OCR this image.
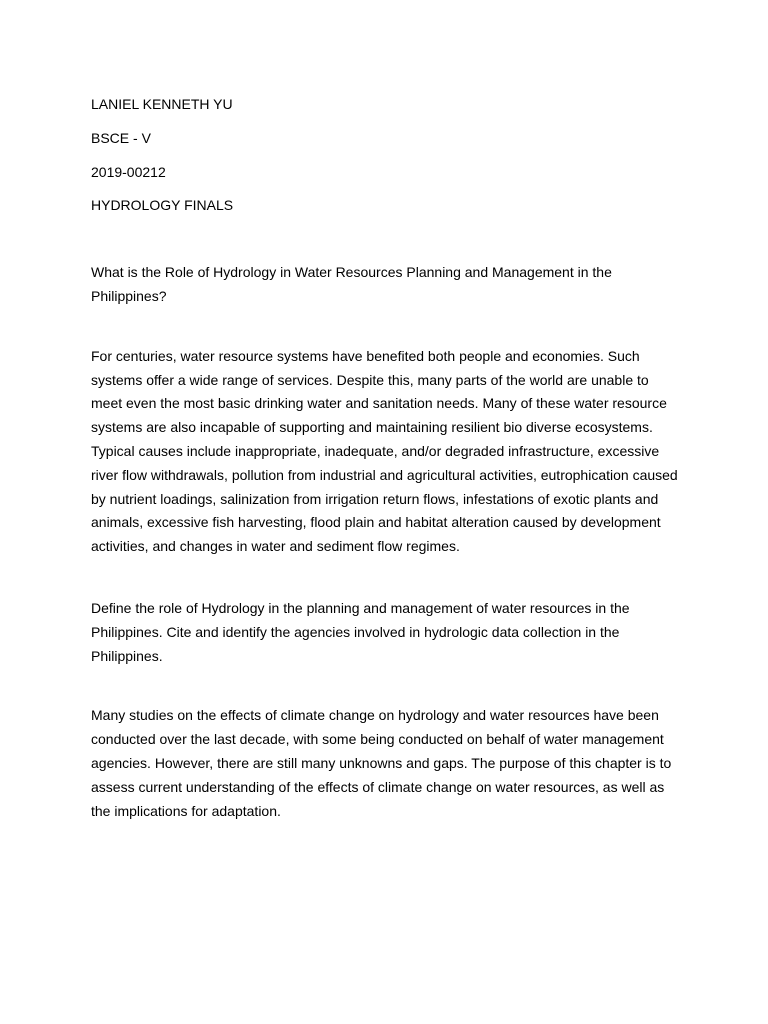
LANIEL KENNETH YU
BSCE - V
2019-00212
HYDROLOGY FINALS

What is the Role of Hydrology in Water Resources Planning and Management in the Philippines?

For centuries, water resource systems have benefited both people and economies. Such systems offer a wide range of services. Despite this, many parts of the world are unable to meet even the most basic drinking water and sanitation needs. Many of these water resource systems are also incapable of supporting and maintaining resilient bio diverse ecosystems. Typical causes include inappropriate, inadequate, and/or degraded infrastructure, excessive river flow withdrawals, pollution from industrial and agricultural activities, eutrophication caused by nutrient loadings, salinization from irrigation return flows, infestations of exotic plants and animals, excessive fish harvesting, flood plain and habitat alteration caused by development activities, and changes in water and sediment flow regimes.

Define the role of Hydrology in the planning and management of water resources in the Philippines. Cite and identify the agencies involved in hydrologic data collection in the Philippines.

Many studies on the effects of climate change on hydrology and water resources have been conducted over the last decade, with some being conducted on behalf of water management agencies. However, there are still many unknowns and gaps. The purpose of this chapter is to assess current understanding of the effects of climate change on water resources, as well as the implications for adaptation.
